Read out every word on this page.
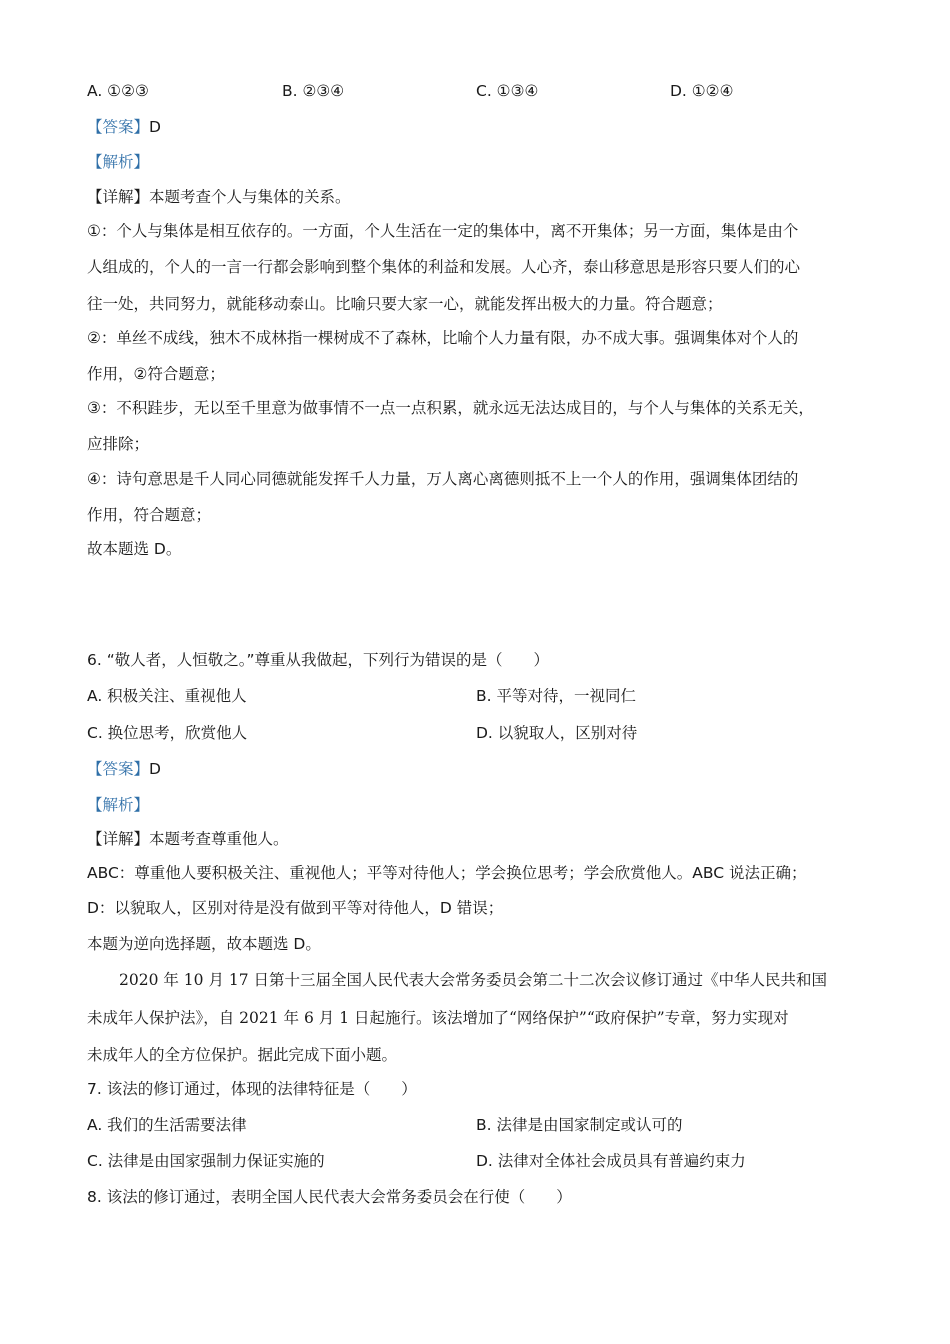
A. ①②③	B. ②③④	C. ①③④	D. ①②④
【答案】D
【解析】
【详解】本题考查个人与集体的关系。
①：个人与集体是相互依存的。一方面，个人生活在一定的集体中，离不开集体；另一方面，集体是由个
人组成的，个人的一言一行都会影响到整个集体的利益和发展。人心齐，泰山移意思是形容只要人们的心
往一处，共同努力，就能移动泰山。比喻只要大家一心，就能发挥出极大的力量。符合题意；
②：单丝不成线，独木不成林指一棵树成不了森林，比喻个人力量有限，办不成大事。强调集体对个人的
作用，②符合题意；
③：不积跬步，无以至千里意为做事情不一点一点积累，就永远无法达成目的，与个人与集体的关系无关，
应排除；
④：诗句意思是千人同心同德就能发挥千人力量，万人离心离德则抵不上一个人的作用，强调集体团结的
作用，符合题意；
故本题选 D。
6. “敬人者，人恒敬之。”尊重从我做起，下列行为错误的是（　　）
A. 积极关注、重视他人	B. 平等对待，一视同仁
C. 换位思考，欣赏他人	D. 以貌取人，区别对待
【答案】D
【解析】
【详解】本题考查尊重他人。
ABC：尊重他人要积极关注、重视他人；平等对待他人；学会换位思考；学会欣赏他人。ABC 说法正确；
D：以貌取人，区别对待是没有做到平等对待他人，D 错误；
本题为逆向选择题，故本题选 D。
2020 年 10 月 17 日第十三届全国人民代表大会常务委员会第二十二次会议修订通过《中华人民共和国
未成年人保护法》，自 2021 年 6 月 1 日起施行。该法增加了“网络保护”“政府保护”专章，努力实现对
未成年人的全方位保护。据此完成下面小题。
7. 该法的修订通过，体现的法律特征是（　　）
A. 我们的生活需要法律	B. 法律是由国家制定或认可的
C. 法律是由国家强制力保证实施的	D. 法律对全体社会成员具有普遍约束力
8. 该法的修订通过，表明全国人民代表大会常务委员会在行使（　　）
